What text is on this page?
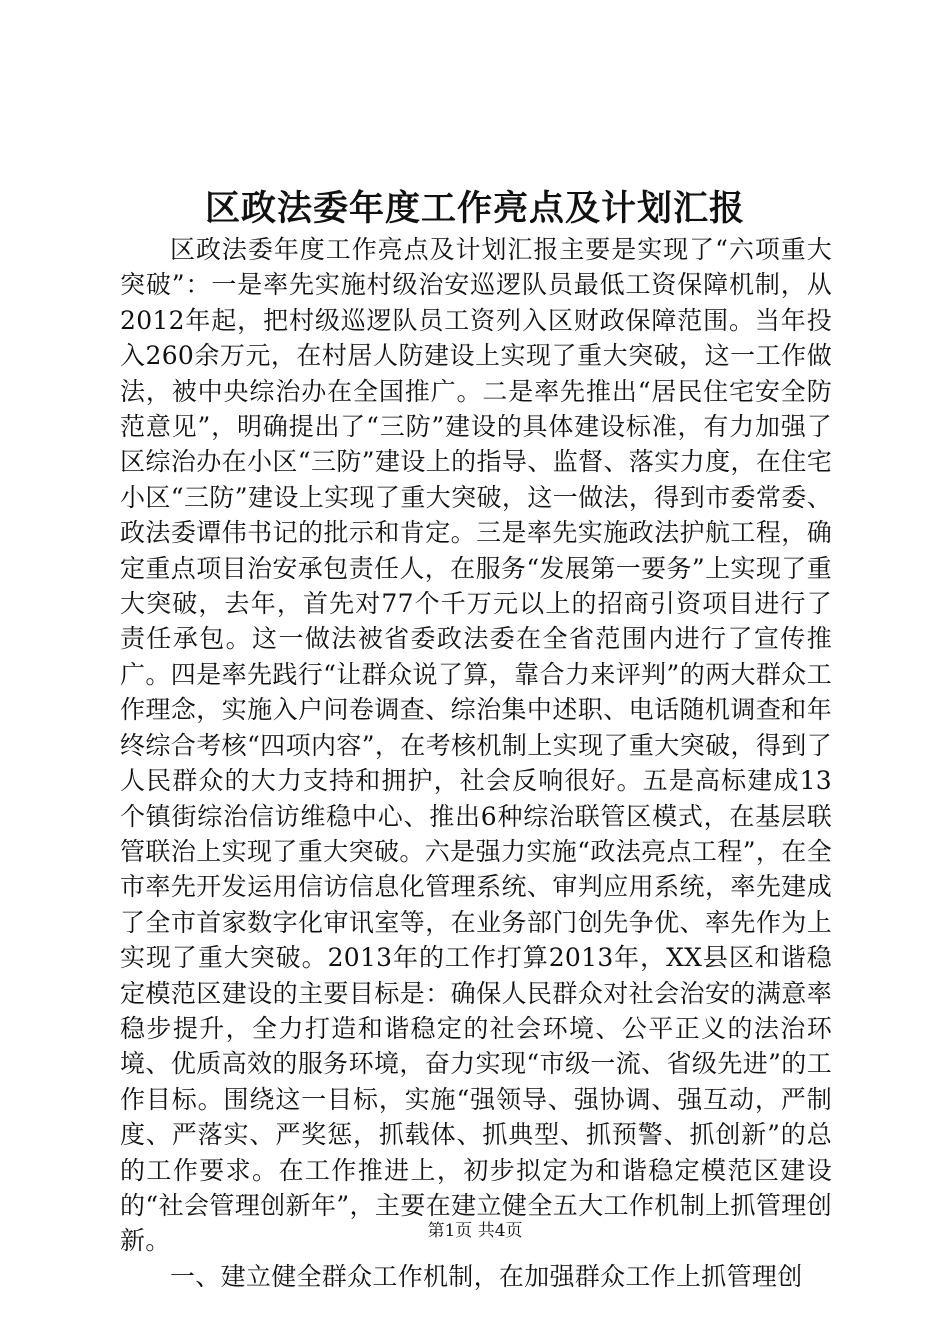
区政法委年度工作亮点及计划汇报

区政法委年度工作亮点及计划汇报主要是实现了“六项重大突破”：一是率先实施村级治安巡逻队员最低工资保障机制，从2012年起，把村级巡逻队员工资列入区财政保障范围。当年投入260余万元，在村居人防建设上实现了重大突破，这一工作做法，被中央综治办在全国推广。二是率先推出“居民住宅安全防范意见”，明确提出了“三防”建设的具体建设标准，有力加强了区综治办在小区“三防”建设上的指导、监督、落实力度，在住宅小区“三防”建设上实现了重大突破，这一做法，得到市委常委、政法委谭伟书记的批示和肯定。三是率先实施政法护航工程，确定重点项目治安承包责任人，在服务“发展第一要务”上实现了重大突破，去年，首先对77个千万元以上的招商引资项目进行了责任承包。这一做法被省委政法委在全省范围内进行了宣传推广。四是率先践行“让群众说了算，靠合力来评判”的两大群众工作理念，实施入户问卷调查、综治集中述职、电话随机调查和年终综合考核“四项内容”，在考核机制上实现了重大突破，得到了人民群众的大力支持和拥护，社会反响很好。五是高标建成13个镇街综治信访维稳中心、推出6种综治联管区模式，在基层联管联治上实现了重大突破。六是强力实施“政法亮点工程”，在全市率先开发运用信访信息化管理系统、审判应用系统，率先建成了全市首家数字化审讯室等，在业务部门创先争优、率先作为上实现了重大突破。2013年的工作打算2013年，XX县区和谐稳定模范区建设的主要目标是：确保人民群众对社会治安的满意率稳步提升，全力打造和谐稳定的社会环境、公平正义的法治环境、优质高效的服务环境，奋力实现“市级一流、省级先进”的工作目标。围绕这一目标，实施“强领导、强协调、强互动，严制度、严落实、严奖惩，抓载体、抓典型、抓预警、抓创新”的总的工作要求。在工作推进上，初步拟定为和谐稳定模范区建设的“社会管理创新年”，主要在建立健全五大工作机制上抓管理创新。

一、建立健全群众工作机制，在加强群众工作上抓管理创

第1页 共4页
